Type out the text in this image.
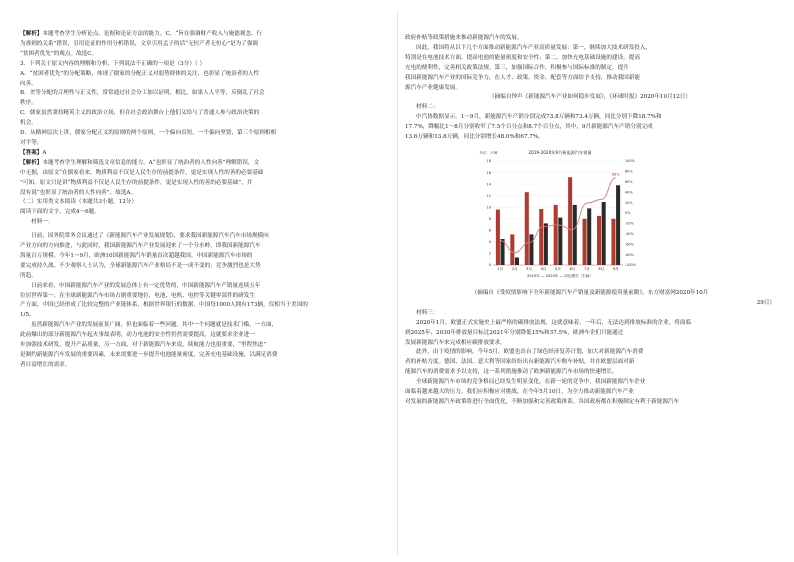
【解析】本题考查学生分析论点、论据和论证方法的能力。C，“旨在强调财产收入与施德观念、行

为准则的关系”错误，引用论证的作用分析错误，文章引用孟子的话“无恒产者无恒心”是为了强调

“贫困者优先”的观点。故选C。

3．下列关于原文内容的理解和分析，下列说法不正确的一项是（3分）（ ）

A．“贫困者优先”的分配策略，体现了儒家的分配正义对弱势群体的关注，也彰显了统治者的人性

向善。

B．差等分配的合理性与正义性，常常通过社会分工加以证明，相比，如果人人平等，反倒乱了社会

秩序。

C．儒家虽然秉持精英主义的政治立场，但在社会政治舞台上他们又给与了普通人参与政治决策的

机会。

D．从精神层次上讲，儒家分配正义的原则的两个原则，一个偏向首短，一个偏向坚贤，第三个原则相相

对平等。

【答案】A

【解析】本题考查学生理解和筛选文章信息的能力。A“也彰显了统治者的人性向善”理解错误，文

中无据，由原文“在儒家看来，物质利益不仅是人民生存的前提条件，更是实现人性的善的必要基础

”可知，原文只是讲“物质利益不仅是人民生存的前提条件，更是实现人性的善的必要基础”，并

没有说“也彰显了统治者的人性向善”。故选A。

（二）实用类文本阅读（本题共3小题，12分）

阅读下面的文字，完成4～6题。

材料一：

日前，国务院常务会议通过了《新能源汽车产业发展规划》，要求我国新能源汽车汽车市场规模向

产业方向的方向推进，与此同时，我国新能源汽车产业发展迎来了一个分水岭，即我国新能源汽车

海量百万规模。今年1～9月，欧洲10国新能源汽车销量首次超越我国。中国新能源汽车市场的

要完成持久战。不少观察人士认为，全球新能源汽车产业格局不是一成不变的，竞争激烈也是大势

所趋。

日前来看，中国新能源汽车产业的发展总体上有一定优势的，中国新能源汽车产销量连续五年

位居世界第一。在全球新能源汽车市场占据重要地位，电池、电机、电控等关键零部件的研发生

产方面，中国已经形成了比较完整的产业链体系，根据世界银行的数据，中国每1000人拥有173辆，仅相当于美国的

1/5。

虽然新能源汽车产业的发展前景广阔，但也面临着一些问题。其中一个问题就是技术门槛，一方面，

此前爆出的部分新能源汽车起火事故表明，动力电池的安全性仍然需要提高，这就要求企业进一

步加强技术研发，提升产品质量，另一方面，对于新能源汽车来说，续航能力也很重要，“里程焦虑”

是制约新能源汽车发展的重要因素，未来需要进一步提升电池能量密度，完善充电基础设施，以满足消费

者日益增长的需求。

政府补贴等政策措施来推动新能源汽车的发展。

因此，我国将从以下几个方面推动新能源汽车产业高质量发展：第一，继续加大技术研发投入，

特别是在电池技术方面，提高电池的能量密度和安全性；第二，加快充电基础设施的建设，提高

充电的便利性，完善相关政策法规。第三，加强国际合作，积极参与国际标准的制定，提升

我国新能源汽车产业的国际竞争力，在人才、政策、资金、配套等方面给予支持，推动我国新能

源汽车产业健康发展。

（摘编自钟声《新能源汽车产业如何稳步发展》，《环球时报》2020年10月12日）

材料二：

中汽协数据显示，1～9月，新能源汽车产销分别完成73.8万辆和73.4万辆，同比分别下降18.7%和

17.7%，降幅比1～8月分别收窄了7.5个百分点和8.7个百分点，其中，9月新能源汽车产销分别完成

13.6万辆和13.8万辆，同比分别增长48.0%和67.7%。

2019-2020年9月新能源汽车销量
单位：万辆
0
2
4
6
8
10
12
14
16
18
-100%
-80%
-60%
-40%
-20%
0%
20%
40%
60%
80%
100%
1月 2月 3月 4月 5月 6月 7月 8月 9月
68%
2019年 — 2020年 — 同比增长（右轴）

（摘编自《受疫情影响下全年新能源汽车产销量及新能源使用量前瞻》，东方财富网2020年10月

29日）

材料三：

2020年1月，欧盟正式实施史上最严格的碳排放法规，这就意味着，一年后，无法达到排放标准的企业，将面临

到2025年、2030年排放量目标比2021年分别降低15%和37.5%，欧洲车企们只能通过

发展新能源汽车来完成相应碳排放要求。

此外，由于疫情的影响，今年5月，欧盟也出台了绿色经济复苏计划，加大对新能源汽车消费

者的补贴力度。德国、法国、意大利等国家纷纷出台新能源汽车购车补贴，并在欧盟层面对新

能源汽车的消费需求予以支持，这一系列措施推动了欧洲新能源汽车市场的快速增长。

全球新能源汽车市场的竞争格局已经发生明显变化，在新一轮的竞争中，我国新能源汽车企业

面临着越来越大的压力。我们应积极应对挑战，在今年5月10日，为全力推动新能源汽车产业

对发展的新能源汽车政策将进行全面优化，不断加强和完善政策体系。各国政府都在积极制定有利于新能源汽车
